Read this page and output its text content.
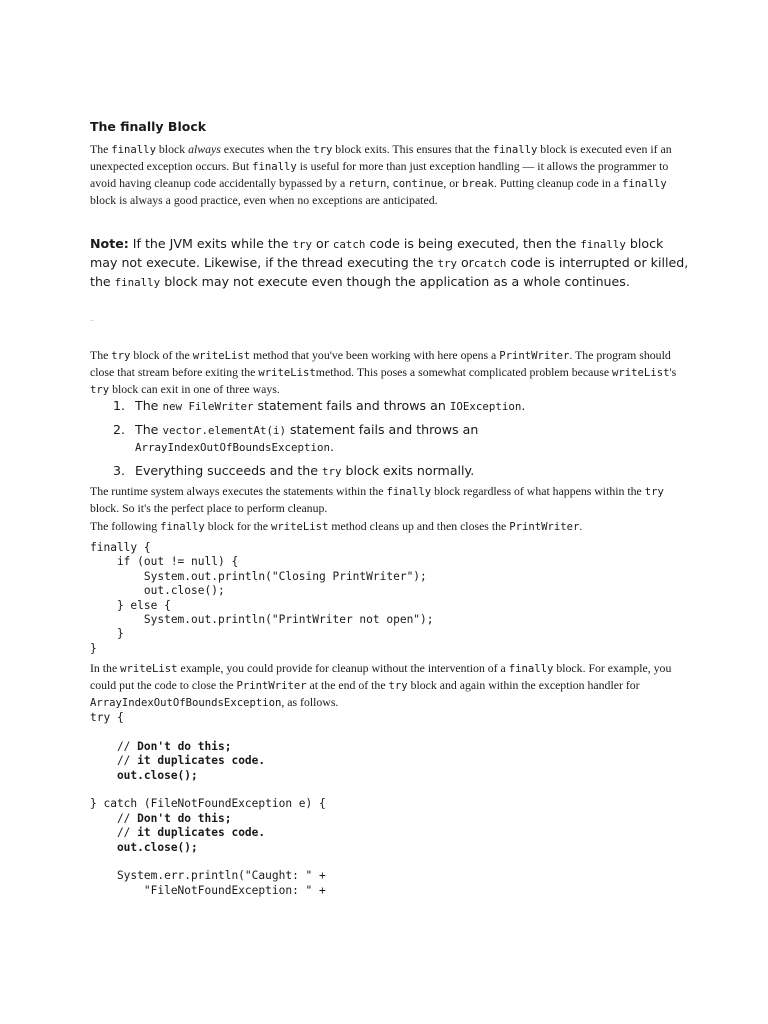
The finally Block

The finally block always executes when the try block exits. This ensures that the finally block is executed even if an unexpected exception occurs. But finally is useful for more than just exception handling — it allows the programmer to avoid having cleanup code accidentally bypassed by a return, continue, or break. Putting cleanup code in a finally block is always a good practice, even when no exceptions are anticipated.

Note: If the JVM exits while the try or catch code is being executed, then the finally block may not execute. Likewise, if the thread executing the try orcatch code is interrupted or killed, the finally block may not execute even though the application as a whole continues.

The try block of the writeList method that you've been working with here opens a PrintWriter. The program should close that stream before exiting the writeListmethod. This poses a somewhat complicated problem because writeList's try block can exit in one of three ways.

1. The new FileWriter statement fails and throws an IOException.
2. The vector.elementAt(i) statement fails and throws an ArrayIndexOutOfBoundsException.
3. Everything succeeds and the try block exits normally.

The runtime system always executes the statements within the finally block regardless of what happens within the try block. So it's the perfect place to perform cleanup.

The following finally block for the writeList method cleans up and then closes the PrintWriter.

finally {
if (out != null) {
System.out.println("Closing PrintWriter");
out.close();
} else {
System.out.println("PrintWriter not open");
}
}

In the writeList example, you could provide for cleanup without the intervention of a finally block. For example, you could put the code to close the PrintWriter at the end of the try block and again within the exception handler for ArrayIndexOutOfBoundsException, as follows.

try {

// Don't do this;
// it duplicates code.
out.close();

} catch (FileNotFoundException e) {
// Don't do this;
// it duplicates code.
out.close();

System.err.println("Caught: " +
"FileNotFoundException: " +
